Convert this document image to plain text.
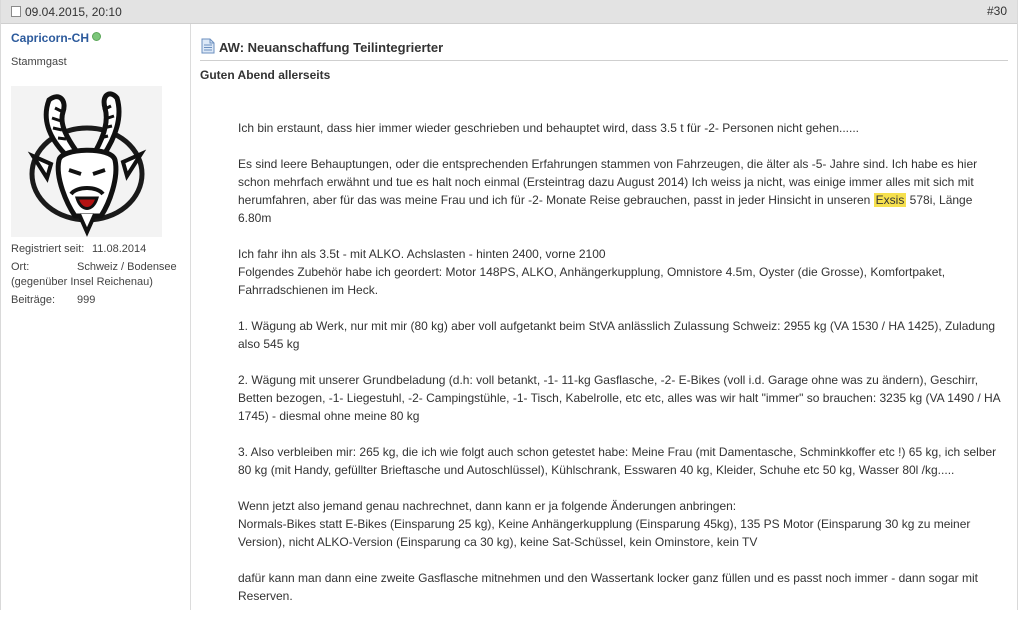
09.04.2015, 20:10	#30
Capricorn-CH
Stammgast
Registriert seit: 11.08.2014
Ort:	Schweiz / Bodensee
(gegenüber Insel Reichenau)
Beiträge: 999
AW: Neuanschaffung Teilintegrierter
Guten Abend allerseits

Ich bin erstaunt, dass hier immer wieder geschrieben und behauptet wird, dass 3.5 t für -2- Personen nicht gehen......

Es sind leere Behauptungen, oder die entsprechenden Erfahrungen stammen von Fahrzeugen, die älter als -5- Jahre sind. Ich habe es hier schon mehrfach erwähnt und tue es halt noch einmal (Ersteintrag dazu August 2014) Ich weiss ja nicht, was einige immer alles mit sich mit herumfahren, aber für das was meine Frau und ich für -2- Monate Reise gebrauchen, passt in jeder Hinsicht in unseren Exsis 578i, Länge 6.80m

Ich fahr ihn als 3.5t - mit ALKO. Achslasten - hinten 2400, vorne 2100
Folgendes Zubehör habe ich geordert: Motor 148PS, ALKO, Anhängerkupplung, Omnistore 4.5m, Oyster (die Grosse), Komfortpaket, Fahrradschienen im Heck.

1. Wägung ab Werk, nur mit mir (80 kg) aber voll aufgetankt beim StVA anlässlich Zulassung Schweiz: 2955 kg (VA 1530 / HA 1425), Zuladung also 545 kg

2. Wägung mit unserer Grundbeladung (d.h: voll betankt, -1- 11-kg Gasflasche, -2- E-Bikes (voll i.d. Garage ohne was zu ändern), Geschirr, Betten bezogen, -1- Liegestuhl, -2- Campingstühle, -1- Tisch, Kabelrolle, etc etc, alles was wir halt "immer" so brauchen: 3235 kg (VA 1490 / HA 1745) - diesmal ohne meine 80 kg

3. Also verbleiben mir: 265 kg, die ich wie folgt auch schon getestet habe: Meine Frau (mit Damentasche, Schminkkoffer etc !) 65 kg, ich selber 80 kg (mit Handy, gefüllter Brieftasche und Autoschlüssel), Kühlschrank, Esswaren 40 kg, Kleider, Schuhe etc 50 kg, Wasser 80l /kg.....

Wenn jetzt also jemand genau nachrechnet, dann kann er ja folgende Änderungen anbringen:
Normals-Bikes statt E-Bikes (Einsparung 25 kg), Keine Anhängerkupplung (Einsparung 45kg), 135 PS Motor (Einsparung 30 kg zu meiner Version), nicht ALKO-Version (Einsparung ca 30 kg), keine Sat-Schüssel, kein Ominstore, kein TV

dafür kann man dann eine zweite Gasflasche mitnehmen und den Wassertank locker ganz füllen und es passt noch immer - dann sogar mit Reserven.
